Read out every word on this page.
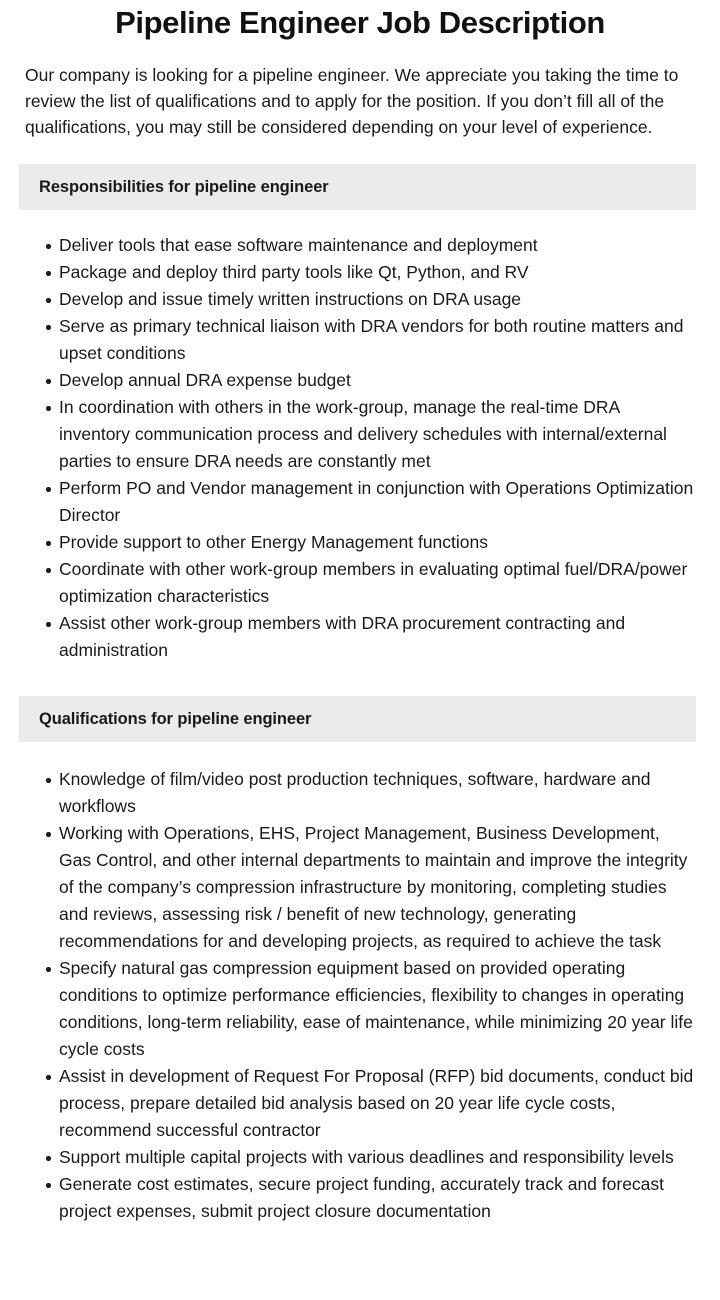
Pipeline Engineer Job Description

Our company is looking for a pipeline engineer. We appreciate you taking the time to review the list of qualifications and to apply for the position. If you don’t fill all of the qualifications, you may still be considered depending on your level of experience.

Responsibilities for pipeline engineer
Deliver tools that ease software maintenance and deployment
Package and deploy third party tools like Qt, Python, and RV
Develop and issue timely written instructions on DRA usage
Serve as primary technical liaison with DRA vendors for both routine matters and upset conditions
Develop annual DRA expense budget
In coordination with others in the work-group, manage the real-time DRA inventory communication process and delivery schedules with internal/external parties to ensure DRA needs are constantly met
Perform PO and Vendor management in conjunction with Operations Optimization Director
Provide support to other Energy Management functions
Coordinate with other work-group members in evaluating optimal fuel/DRA/power optimization characteristics
Assist other work-group members with DRA procurement contracting and administration
Qualifications for pipeline engineer
Knowledge of film/video post production techniques, software, hardware and workflows
Working with Operations, EHS, Project Management, Business Development, Gas Control, and other internal departments to maintain and improve the integrity of the company’s compression infrastructure by monitoring, completing studies and reviews, assessing risk / benefit of new technology, generating recommendations for and developing projects, as required to achieve the task
Specify natural gas compression equipment based on provided operating conditions to optimize performance efficiencies, flexibility to changes in operating conditions, long-term reliability, ease of maintenance, while minimizing 20 year life cycle costs
Assist in development of Request For Proposal (RFP) bid documents, conduct bid process, prepare detailed bid analysis based on 20 year life cycle costs, recommend successful contractor
Support multiple capital projects with various deadlines and responsibility levels
Generate cost estimates, secure project funding, accurately track and forecast project expenses, submit project closure documentation
